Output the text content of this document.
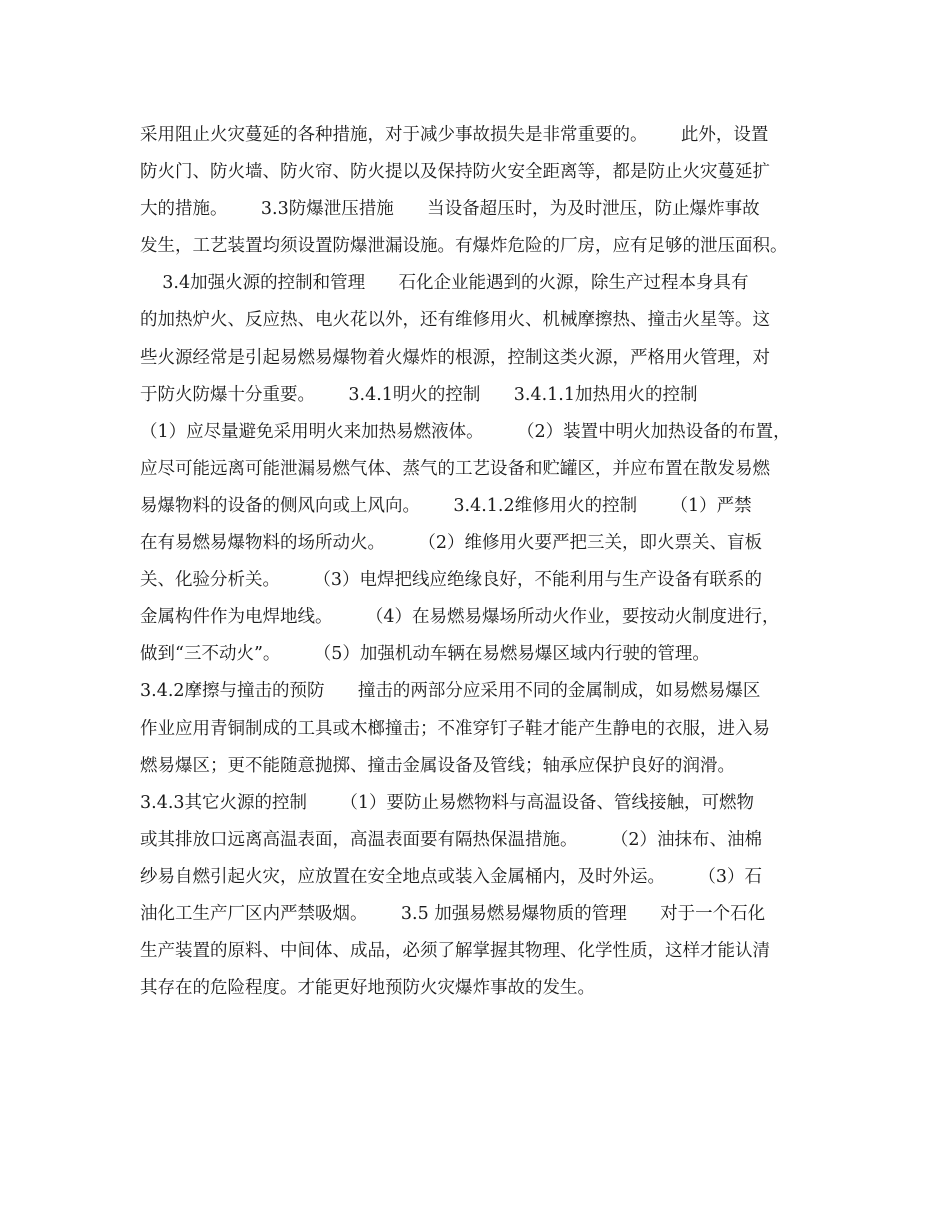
采用阻止火灾蔓延的各种措施，对于减少事故损失是非常重要的。      此外，设置
防火门、防火墙、防火帘、防火提以及保持防火安全距离等，都是防止火灾蔓延扩
大的措施。      3.3防爆泄压措施      当设备超压时，为及时泄压，防止爆炸事故
发生，工艺装置均须设置防爆泄漏设施。有爆炸危险的厂房，应有足够的泄压面积。
3.4加强火源的控制和管理      石化企业能遇到的火源，除生产过程本身具有
的加热炉火、反应热、电火花以外，还有维修用火、机械摩擦热、撞击火星等。这
些火源经常是引起易燃易爆物着火爆炸的根源，控制这类火源，严格用火管理，对
于防火防爆十分重要。      3.4.1明火的控制      3.4.1.1加热用火的控制
（1）应尽量避免采用明火来加热易燃液体。      （2）装置中明火加热设备的布置，
应尽可能远离可能泄漏易燃气体、蒸气的工艺设备和贮罐区，并应布置在散发易燃
易爆物料的设备的侧风向或上风向。      3.4.1.2维修用火的控制      （1）严禁
在有易燃易爆物料的场所动火。      （2）维修用火要严把三关，即火票关、盲板
关、化验分析关。      （3）电焊把线应绝缘良好，不能利用与生产设备有联系的
金属构件作为电焊地线。      （4）在易燃易爆场所动火作业，要按动火制度进行，
做到“三不动火”。      （5）加强机动车辆在易燃易爆区域内行驶的管理。
3.4.2摩擦与撞击的预防      撞击的两部分应采用不同的金属制成，如易燃易爆区
作业应用青铜制成的工具或木榔撞击；不准穿钉子鞋才能产生静电的衣服，进入易
燃易爆区；更不能随意抛掷、撞击金属设备及管线；轴承应保护良好的润滑。
3.4.3其它火源的控制      （1）要防止易燃物料与高温设备、管线接触，可燃物
或其排放口远离高温表面，高温表面要有隔热保温措施。      （2）油抹布、油棉
纱易自燃引起火灾，应放置在安全地点或装入金属桶内，及时外运。      （3）石
油化工生产厂区内严禁吸烟。      3.5 加强易燃易爆物质的管理      对于一个石化
生产装置的原料、中间体、成品，必须了解掌握其物理、化学性质，这样才能认清
其存在的危险程度。才能更好地预防火灾爆炸事故的发生。
